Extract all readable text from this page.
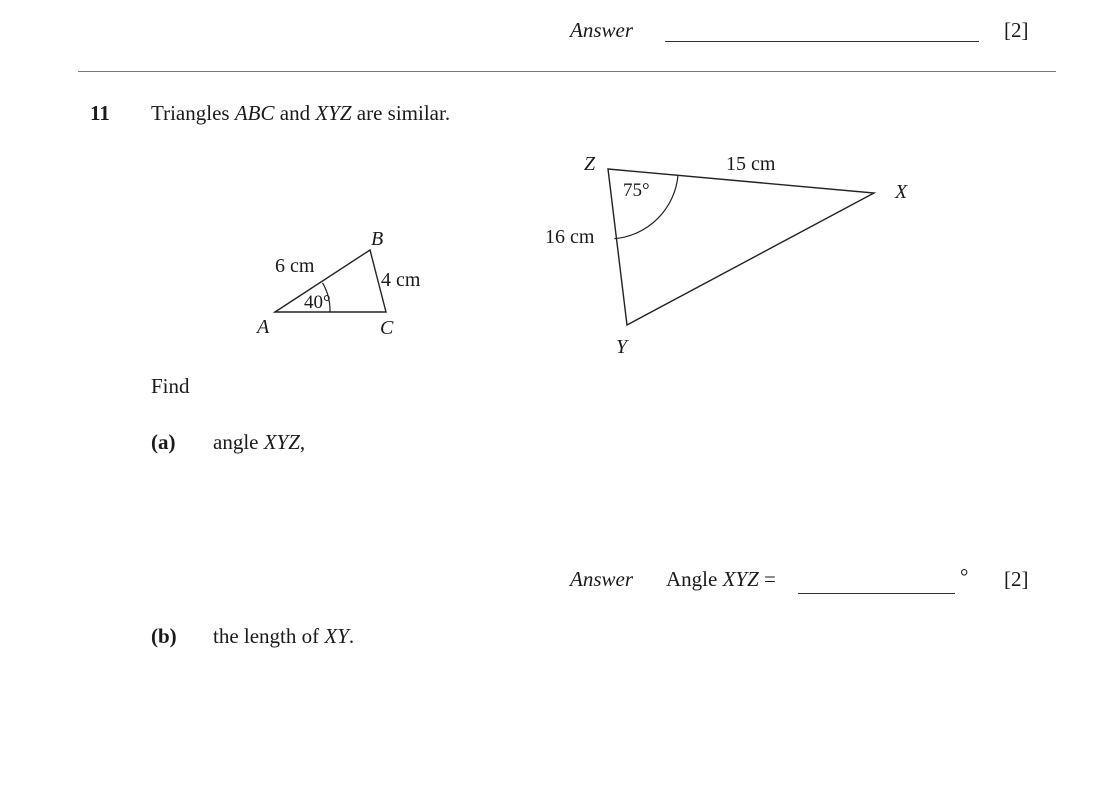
Answer	[2]
11 Triangles ABC and XYZ are similar.
A
B
C
6 cm
4 cm
40°
Z
X
Y
15 cm
16 cm
75°
Find
(a) angle XYZ,
Answer Angle XYZ =	° [2]
(b) the length of XY.
